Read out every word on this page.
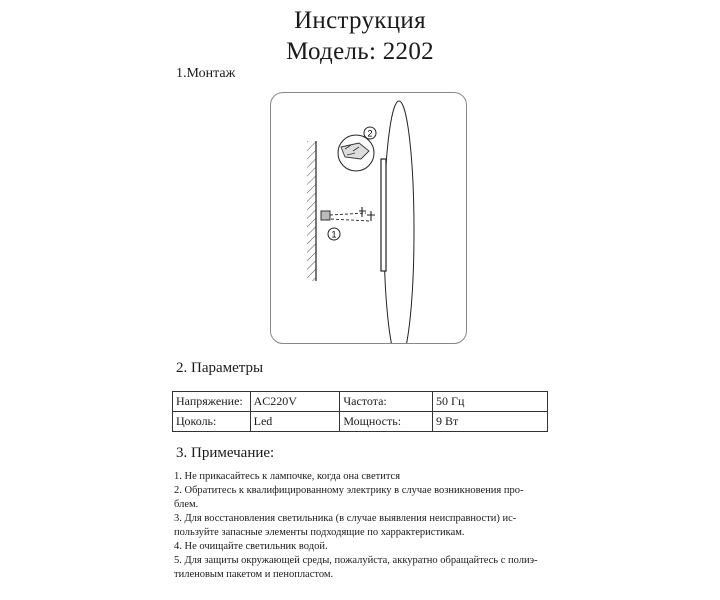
Инструкция
Модель: 2202
1.Монтаж
2
1
2. Параметры
Напряжение:	AC220V	Частота:	50 Гц
Цоколь:	Led	Мощность:	9 Вт
3. Примечание:
1. Не прикасайтесь к лампочке, когда она светится
2. Обратитесь к квалифицированному электрику в случае возникновения про-
блем.
3. Для восстановления светильника (в случае выявления неисправности) ис-
пользуйте запасные элементы подходящие по харрактеристикам.
4. Не очищайте светильник водой.
5. Для защиты окружающей среды, пожалуйста, аккуратно обращайтесь с полиэ-
тиленовым пакетом и пенопластом.
